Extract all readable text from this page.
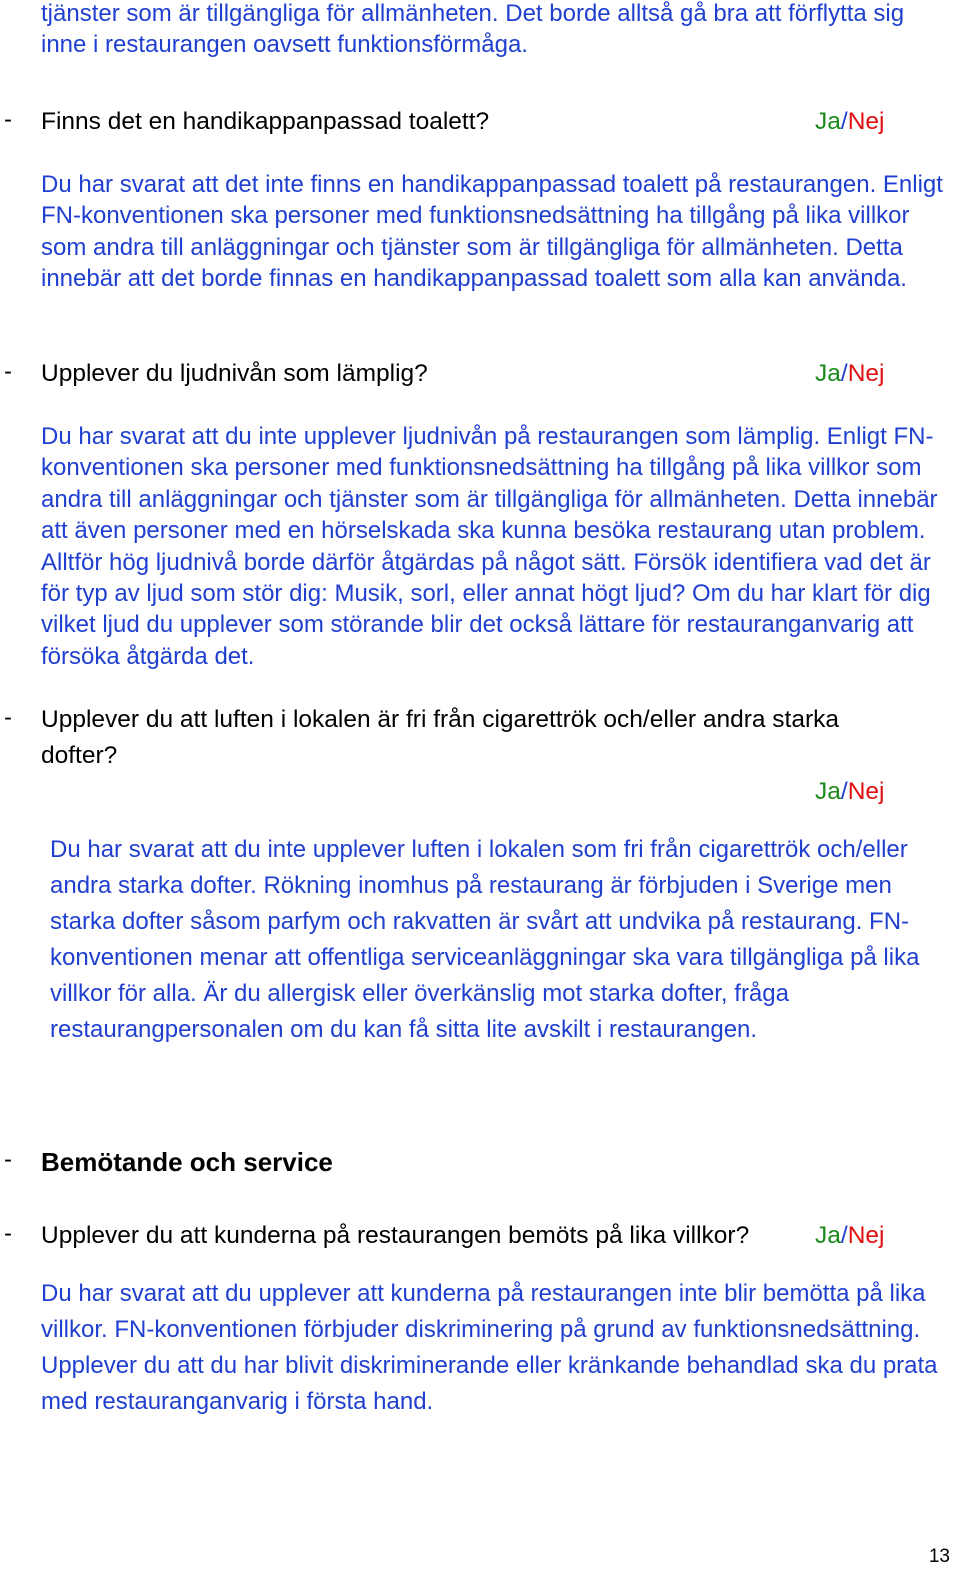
tjänster som är tillgängliga för allmänheten. Det borde alltså gå bra att förflytta sig inne i restaurangen oavsett funktionsförmåga.

- Finns det en handikappanpassad toalett?	Ja/Nej

Du har svarat att det inte finns en handikappanpassad toalett på restaurangen. Enligt FN-konventionen ska personer med funktionsnedsättning ha tillgång på lika villkor som andra till anläggningar och tjänster som är tillgängliga för allmänheten. Detta innebär att det borde finnas en handikappanpassad toalett som alla kan använda.

- Upplever du ljudnivån som lämplig?	Ja/Nej

Du har svarat att du inte upplever ljudnivån på restaurangen som lämplig. Enligt FN-konventionen ska personer med funktionsnedsättning ha tillgång på lika villkor som andra till anläggningar och tjänster som är tillgängliga för allmänheten. Detta innebär att även personer med en hörselskada ska kunna besöka restaurang utan problem. Alltför hög ljudnivå borde därför åtgärdas på något sätt. Försök identifiera vad det är för typ av ljud som stör dig: Musik, sorl, eller annat högt ljud? Om du har klart för dig vilket ljud du upplever som störande blir det också lättare för restauranganvarig att försöka åtgärda det.

- Upplever du att luften i lokalen är fri från cigarettrök och/eller andra starka dofter?

Ja/Nej

Du har svarat att du inte upplever luften i lokalen som fri från cigarettrök och/eller andra starka dofter. Rökning inomhus på restaurang är förbjuden i Sverige men starka dofter såsom parfym och rakvatten är svårt att undvika på restaurang. FN-konventionen menar att offentliga serviceanläggningar ska vara tillgängliga på lika villkor för alla. Är du allergisk eller överkänslig mot starka dofter, fråga restaurangpersonalen om du kan få sitta lite avskilt i restaurangen.

- Bemötande och service

- Upplever du att kunderna på restaurangen bemöts på lika villkor?	Ja/Nej

Du har svarat att du upplever att kunderna på restaurangen inte blir bemötta på lika villkor. FN-konventionen förbjuder diskriminering på grund av funktionsnedsättning. Upplever du att du har blivit diskriminerande eller kränkande behandlad ska du prata med restauranganvarig i första hand.

13
